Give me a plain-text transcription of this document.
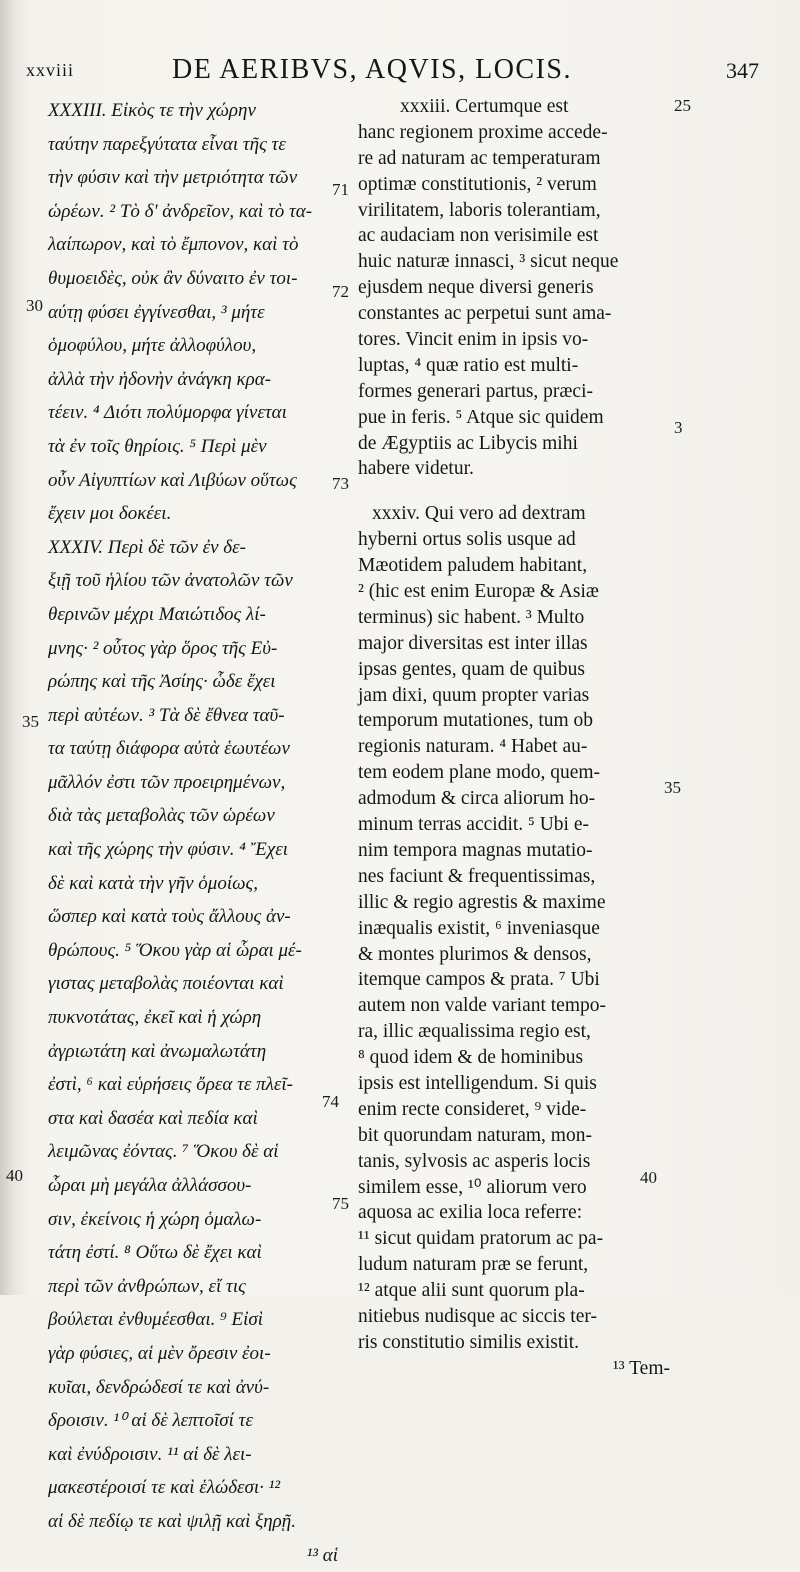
xxviii	DE AERIBVS, AQVIS, LOCIS.	347
XXXIII. Εἰκὸς τε τὴν χώρην
ταύτην παρεξγύτατα εἶναι τῆς τε
τὴν φύσιν καὶ τὴν μετριότητα τῶν
ὡρέων. ² Τὸ δ' ἀνδρεῖον, καὶ τὸ τα-
λαίπωρον, καὶ τὸ ἔμπονον, καὶ τὸ
θυμοειδὲς, οὐκ ἂν δύναιτο ἐν τοι-
αύτῃ φύσει ἐγγίνεσθαι, ³ μήτε
ὁμοφύλου, μήτε ἀλλοφύλου,
ἀλλὰ τὴν ἡδονὴν ἀνάγκη κρα-
τέειν. ⁴ Διότι πολύμορφα γίνεται
τὰ ἐν τοῖς θηρίοις. ⁵ Περὶ μὲν
οὖν Αἰγυπτίων καὶ Λιβύων οὕτως
ἔχειν μοι δοκέει.
XXXIV. Περὶ δὲ τῶν ἐν δε-
ξιῇ τοῦ ἡλίου τῶν ἀνατολῶν τῶν
θερινῶν μέχρι Μαιώτιδος λί-
μνης· ² οὗτος γὰρ ὅρος τῆς Εὐ-
ρώπης καὶ τῆς Ἀσίης· ὧδε ἔχει
περὶ αὐτέων. ³ Τὰ δὲ ἔθνεα ταῦ-
τα ταύτῃ διάφορα αὐτὰ ἑωυτέων
μᾶλλόν ἐστι τῶν προειρημένων,
διὰ τὰς μεταβολὰς τῶν ὡρέων
καὶ τῆς χώρης τὴν φύσιν. ⁴ Ἔχει
δὲ καὶ κατὰ τὴν γῆν ὁμοίως,
ὥσπερ καὶ κατὰ τοὺς ἄλλους ἀν-
θρώπους. ⁵ Ὅκου γὰρ αἱ ὧραι μέ-
γιστας μεταβολὰς ποιέονται καὶ
πυκνοτάτας, ἐκεῖ καὶ ἡ χώρη
ἀγριωτάτη καὶ ἀνωμαλωτάτη
ἐστὶ, ⁶ καὶ εὑρήσεις ὄρεα τε πλεῖ-
στα καὶ δασέα καὶ πεδία καὶ
λειμῶνας ἐόντας. ⁷ Ὅκου δὲ αἱ
ὧραι μὴ μεγάλα ἀλλάσσου-
σιν, ἐκείνοις ἡ χώρη ὁμαλω-
τάτη ἐστί. ⁸ Οὕτω δὲ ἔχει καὶ
περὶ τῶν ἀνθρώπων, εἴ τις
βούλεται ἐνθυμέεσθαι. ⁹ Εἰσὶ
γὰρ φύσιες, αἱ μὲν ὄρεσιν ἐοι-
κυῖαι, δενδρώδεσί τε καὶ ἀνύ-
δροισιν. ¹⁰ αἱ δὲ λεπτοῖσί τε
καὶ ἐνύδροισιν. ¹¹ αἱ δὲ λει-
μακεστέροισί τε καὶ ἑλώδεσι· ¹²
αἱ δὲ πεδίῳ τε καὶ ψιλῇ καὶ ξηρῇ.
¹³ αἱ
xxxiii. Certumque est
hanc regionem proxime accede-
re ad naturam ac temperaturam
optimæ constitutionis, ² verum
virilitatem, laboris tolerantiam,
ac audaciam non verisimile est
huic naturæ innasci, ³ sicut neque
ejusdem neque diversi generis
constantes ac perpetui sunt ama-
tores. Vincit enim in ipsis vo-
luptas, ⁴ quæ ratio est multi-
formes generari partus, præci-
pue in feris. ⁵ Atque sic quidem
de Ægyptiis ac Libycis mihi
habere videtur.
xxxiv. Qui vero ad dextram
hyberni ortus solis usque ad
Mæotidem paludem habitant,
² (hic est enim Europæ & Asiæ
terminus) sic habent. ³ Multo
major diversitas est inter illas
ipsas gentes, quam de quibus
jam dixi, quum propter varias
temporum mutationes, tum ob
regionis naturam. ⁴ Habet au-
tem eodem plane modo, quem-
admodum & circa aliorum ho-
minum terras accidit. ⁵ Ubi e-
nim tempora magnas mutatio-
nes faciunt & frequentissimas,
illic & regio agrestis & maxime
inæqualis existit, ⁶ inveniasque
& montes plurimos & densos,
itemque campos & prata. ⁷ Ubi
autem non valde variant tempo-
ra, illic æqualissima regio est,
⁸ quod idem & de hominibus
ipsis est intelligendum. Si quis
enim recte consideret, ⁹ vide-
bit quorundam naturam, mon-
tanis, sylvosis ac asperis locis
similem esse, ¹⁰ aliorum vero
aquosa ac exilia loca referre:
¹¹ sicut quidam pratorum ac pa-
ludum naturam præ se ferunt,
¹² atque alii sunt quorum pla-
nitiebus nudisque ac siccis ter-
ris constitutio similis existit.
¹³ Tem-
25
71
72
30
3
73
35
35
74
40	40
75
